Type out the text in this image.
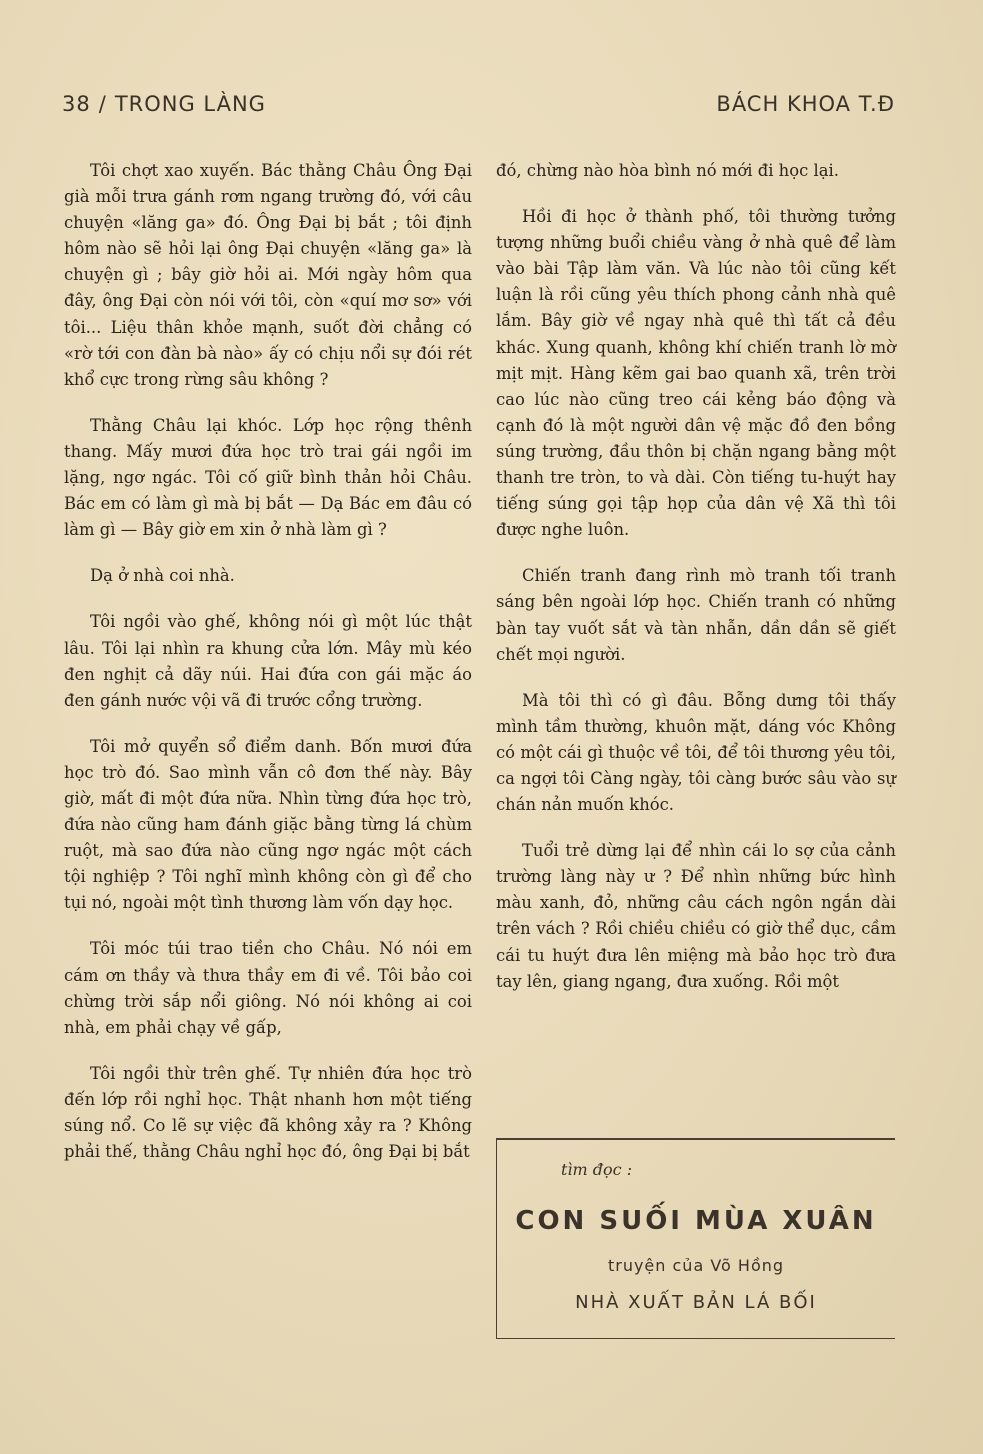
38 / TRONG LÀNG	BÁCH KHOA T.Đ

Tôi chợt xao xuyến. Bác thằng Châu Ông Đại già mỗi trưa gánh rơm ngang trường đó, với câu chuyện «lăng ga» đó. Ông Đại bị bắt ; tôi định hôm nào sẽ hỏi lại ông Đại chuyện «lăng ga» là chuyện gì ; bây giờ hỏi ai. Mới ngày hôm qua đây, ông Đại còn nói với tôi, còn «quí mơ sơ» với tôi... Liệu thân khỏe mạnh, suốt đời chẳng có «rờ tới con đàn bà nào» ấy có chịu nổi sự đói rét khổ cực trong rừng sâu không ?

Thằng Châu lại khóc. Lớp học rộng thênh thang. Mấy mươi đứa học trò trai gái ngồi im lặng, ngơ ngác. Tôi cố giữ bình thản hỏi Châu. Bác em có làm gì mà bị bắt — Dạ Bác em đâu có làm gì — Bây giờ em xin ở nhà làm gì ?

Dạ ở nhà coi nhà.

Tôi ngồi vào ghế, không nói gì một lúc thật lâu. Tôi lại nhìn ra khung cửa lớn. Mây mù kéo đen nghịt cả dãy núi. Hai đứa con gái mặc áo đen gánh nước vội vã đi trước cổng trường.

Tôi mở quyển sổ điểm danh. Bốn mươi đứa học trò đó. Sao mình vẫn cô đơn thế này. Bây giờ, mất đi một đứa nữa. Nhìn từng đứa học trò, đứa nào cũng ham đánh giặc bằng từng lá chùm ruột, mà sao đứa nào cũng ngơ ngác một cách tội nghiệp ? Tôi nghĩ mình không còn gì để cho tụi nó, ngoài một tình thương làm vốn dạy học.

Tôi móc túi trao tiền cho Châu. Nó nói em cám ơn thầy và thưa thầy em đi về. Tôi bảo coi chừng trời sắp nổi giông. Nó nói không ai coi nhà, em phải chạy về gấp,

Tôi ngồi thừ trên ghế. Tự nhiên đứa học trò đến lớp rồi nghỉ học. Thật nhanh hơn một tiếng súng nổ. Co lẽ sự việc đã không xảy ra ? Không phải thế, thằng Châu nghỉ học đó, ông Đại bị bắt

đó, chừng nào hòa bình nó mới đi học lại.

Hồi đi học ở thành phố, tôi thường tưởng tượng những buổi chiều vàng ở nhà quê để làm vào bài Tập làm văn. Và lúc nào tôi cũng kết luận là rồi cũng yêu thích phong cảnh nhà quê lắm. Bây giờ về ngay nhà quê thì tất cả đều khác. Xung quanh, không khí chiến tranh lờ mờ mịt mịt. Hàng kẽm gai bao quanh xã, trên trời cao lúc nào cũng treo cái kẻng báo động và cạnh đó là một người dân vệ mặc đồ đen bồng súng trường, đầu thôn bị chặn ngang bằng một thanh tre tròn, to và dài. Còn tiếng tu-huýt hay tiếng súng gọi tập họp của dân vệ Xã thì tôi được nghe luôn.

Chiến tranh đang rình mò tranh tối tranh sáng bên ngoài lớp học. Chiến tranh có những bàn tay vuốt sắt và tàn nhẫn, dần dần sẽ giết chết mọi người.

Mà tôi thì có gì đâu. Bỗng dưng tôi thấy mình tầm thường, khuôn mặt, dáng vóc Không có một cái gì thuộc về tôi, để tôi thương yêu tôi, ca ngợi tôi Càng ngày, tôi càng bước sâu vào sự chán nản muốn khóc.

Tuổi trẻ dừng lại để nhìn cái lo sợ của cảnh trường làng này ư ? Để nhìn những bức hình màu xanh, đỏ, những câu cách ngôn ngắn dài trên vách ? Rồi chiều chiều có giờ thể dục, cầm cái tu huýt đưa lên miệng mà bảo học trò đưa tay lên, giang ngang, đưa xuống. Rồi một

tìm đọc :
CON SUỐI MÙA XUÂN
truyện của Võ Hồng
NHÀ XUẤT BẢN LÁ BỐI
